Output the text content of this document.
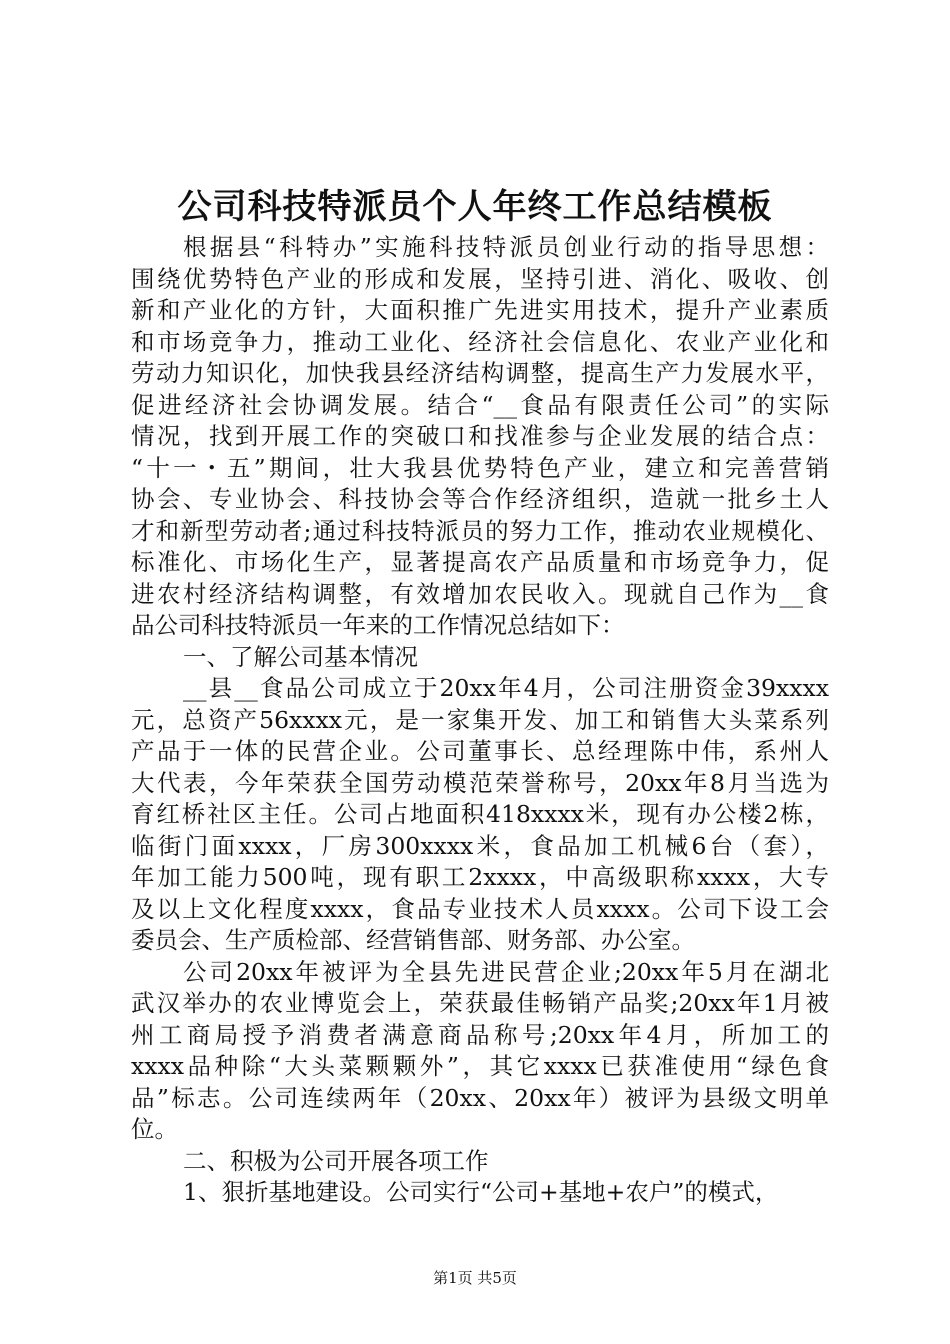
公司科技特派员个人年终工作总结模板
根据县“科特办”实施科技特派员创业行动的指导思想：
围绕优势特色产业的形成和发展，坚持引进、消化、吸收、创
新和产业化的方针，大面积推广先进实用技术，提升产业素质
和市场竞争力，推动工业化、经济社会信息化、农业产业化和
劳动力知识化，加快我县经济结构调整，提高生产力发展水平，
促进经济社会协调发展。结合“__食品有限责任公司”的实际
情况，找到开展工作的突破口和找准参与企业发展的结合点：
“十一・五”期间，壮大我县优势特色产业，建立和完善营销
协会、专业协会、科技协会等合作经济组织，造就一批乡土人
才和新型劳动者;通过科技特派员的努力工作，推动农业规模化、
标准化、市场化生产，显著提高农产品质量和市场竞争力，促
进农村经济结构调整，有效增加农民收入。现就自己作为__食
品公司科技特派员一年来的工作情况总结如下：
一、了解公司基本情况
__县__食品公司成立于20xx年4月，公司注册资金39xxxx
元，总资产56xxxx元，是一家集开发、加工和销售大头菜系列
产品于一体的民营企业。公司董事长、总经理陈中伟，系州人
大代表，今年荣获全国劳动模范荣誉称号，20xx年8月当选为
育红桥社区主任。公司占地面积418xxxx米，现有办公楼2栋，
临街门面xxxx，厂房300xxxx米，食品加工机械6台（套），
年加工能力500吨，现有职工2xxxx，中高级职称xxxx，大专
及以上文化程度xxxx，食品专业技术人员xxxx。公司下设工会
委员会、生产质检部、经营销售部、财务部、办公室。
公司20xx年被评为全县先进民营企业;20xx年5月在湖北
武汉举办的农业博览会上，荣获最佳畅销产品奖;20xx年1月被
州工商局授予消费者满意商品称号;20xx年4月，所加工的
xxxx品种除“大头菜颗颗外”，其它xxxx已获准使用“绿色食
品”标志。公司连续两年（20xx、20xx年）被评为县级文明单
位。
二、积极为公司开展各项工作
1、狠折基地建设。公司实行“公司+基地+农户”的模式，
第1页 共5页
